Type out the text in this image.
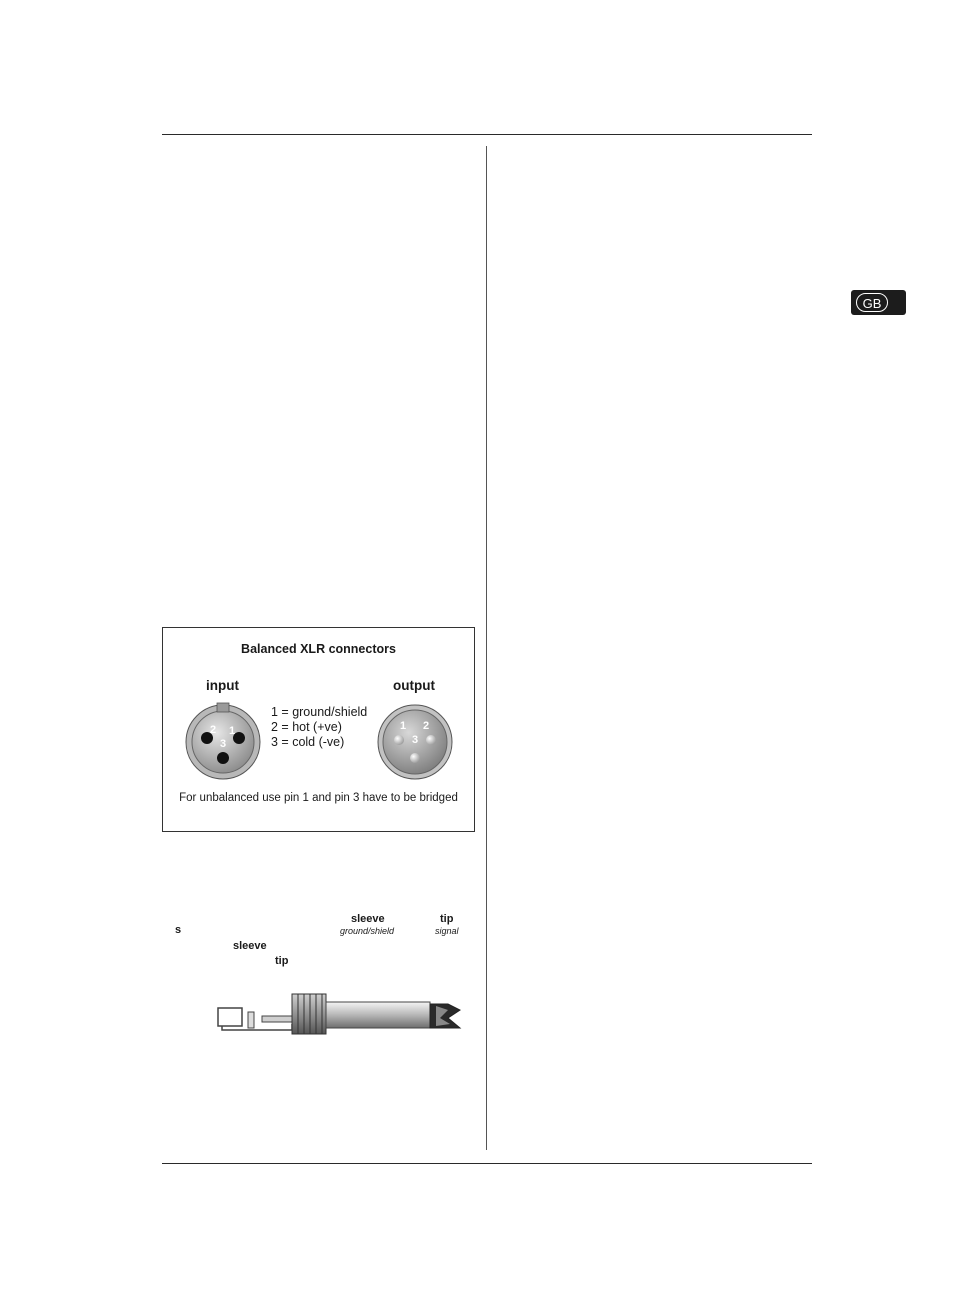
GB
Balanced XLR connectors
input	output
1 = ground/shield
2 = hot (+ve)
3 = cold (-ve)
2 1
3
1 2
3
For unbalanced use pin 1 and pin 3 have to be bridged
s
sleeve
tip
sleeve
ground/shield
tip
signal
